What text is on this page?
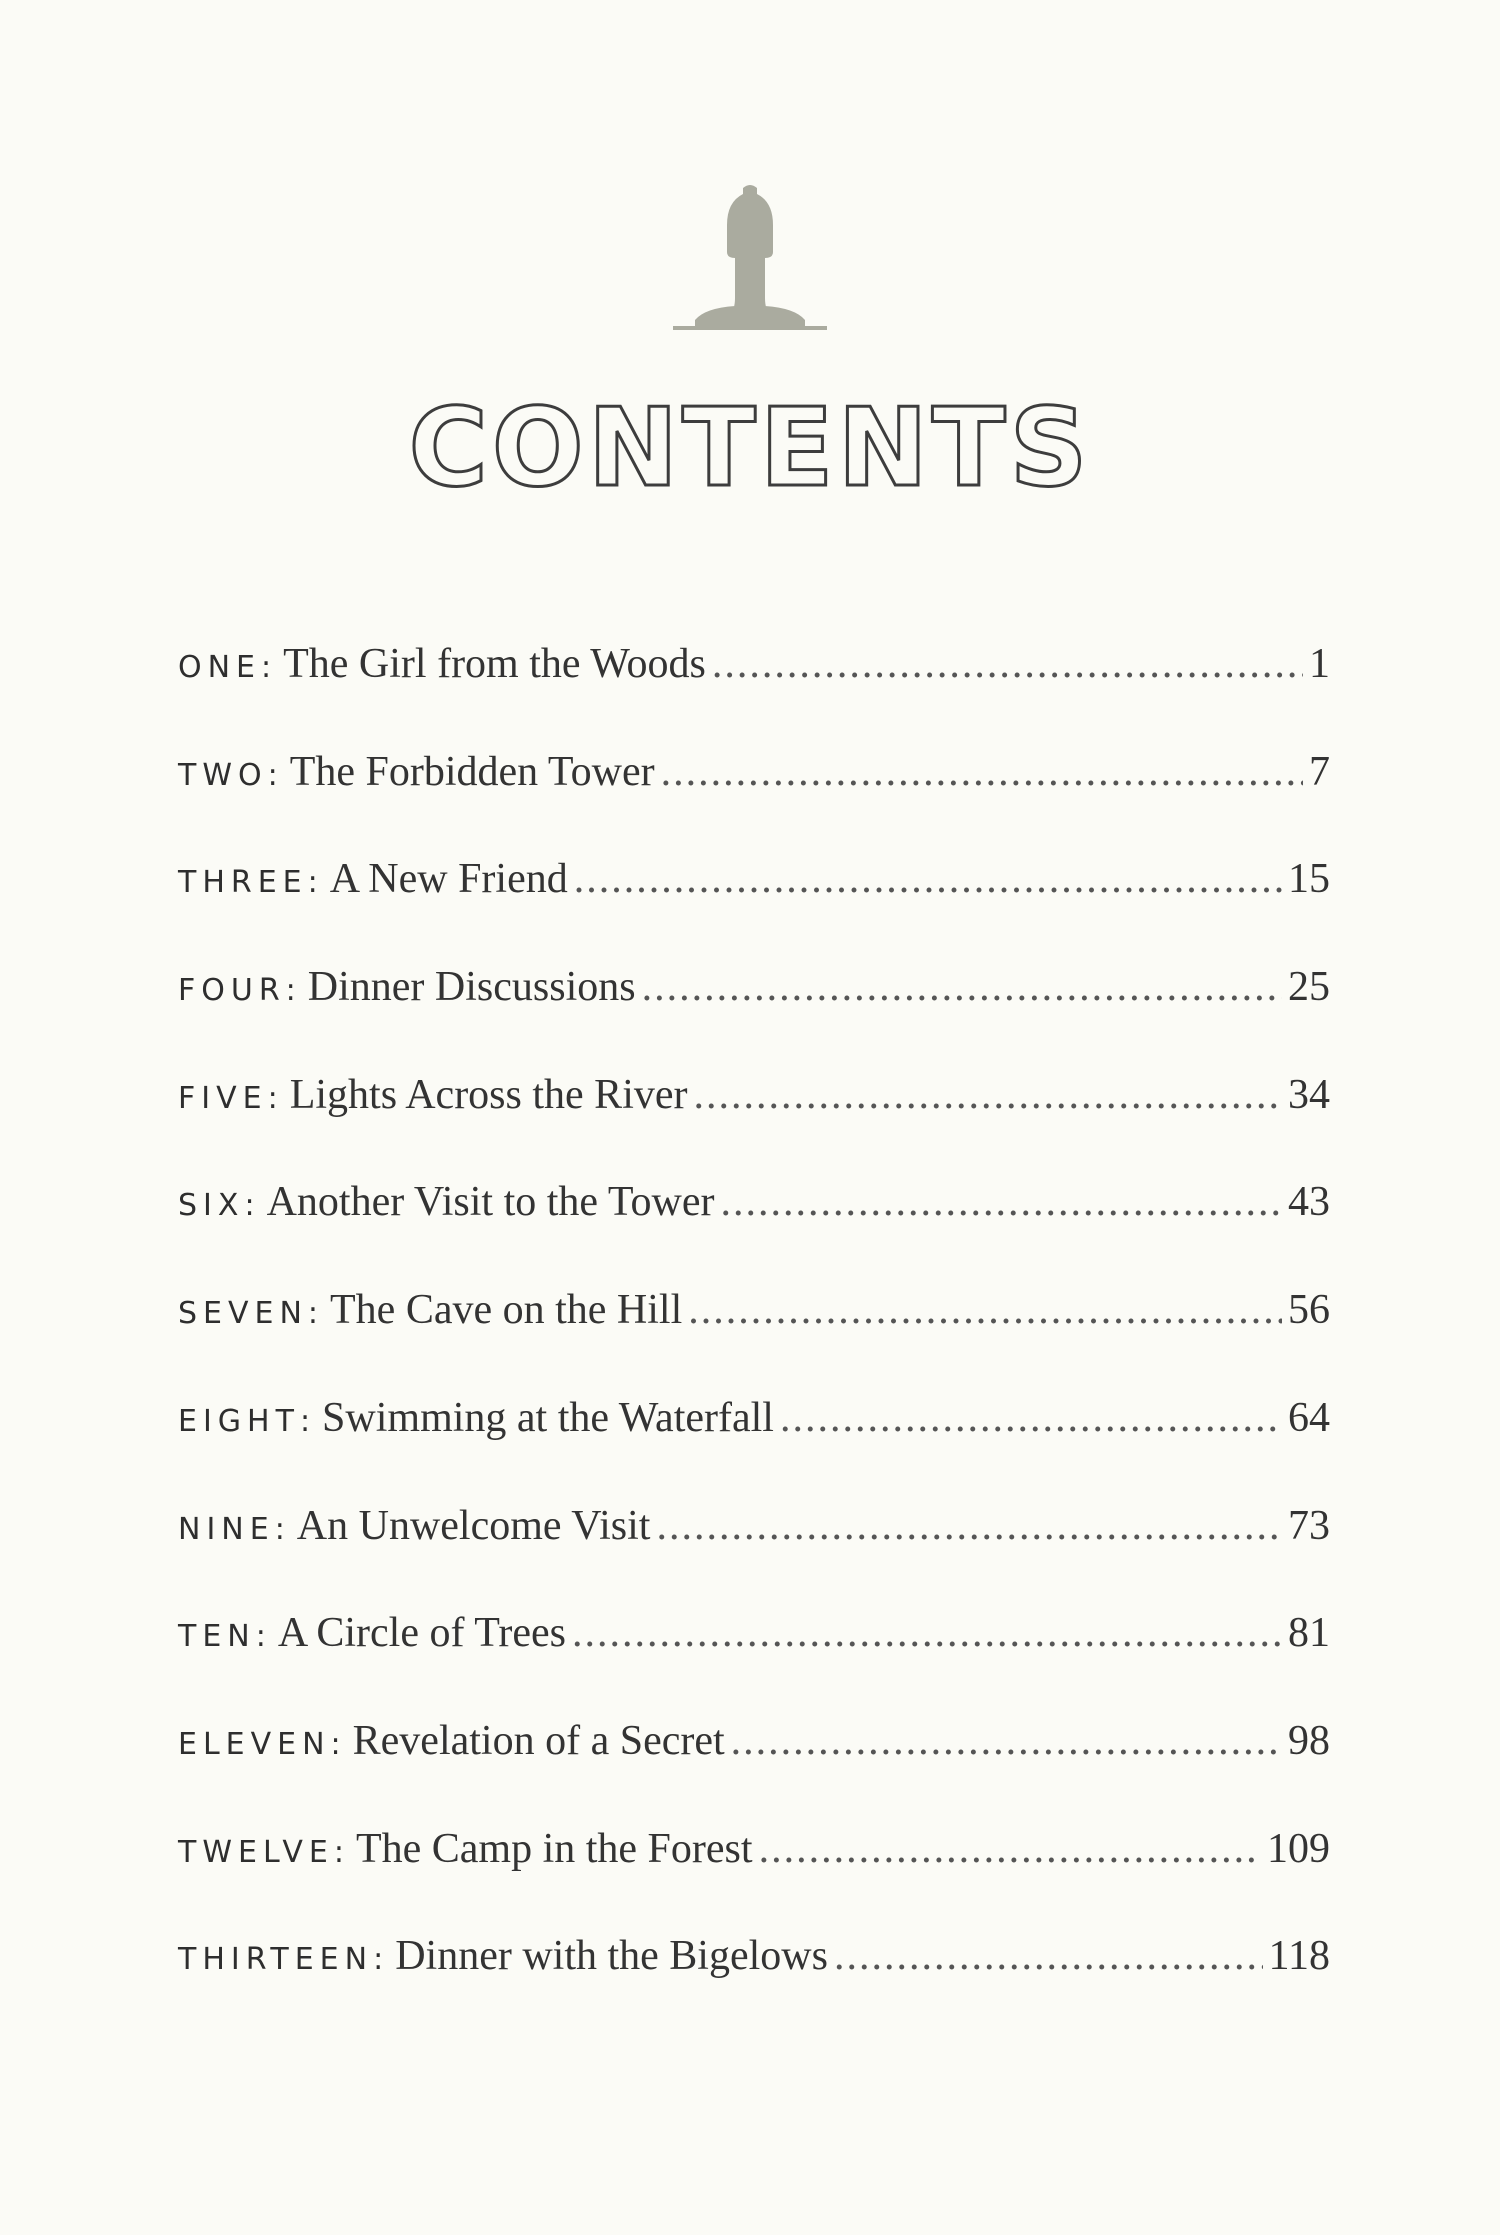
CONTENTS
ONE : The Girl from the Woods .....	1
TWO : The Forbidden Tower .....	7
THREE : A New Friend .....	15
FOUR : Dinner Discussions .....	25
FIVE : Lights Across the River .....	34
SIX : Another Visit to the Tower .....	43
SEVEN : The Cave on the Hill .....	56
EIGHT : Swimming at the Waterfall .....	64
NINE : An Unwelcome Visit .....	73
TEN : A Circle of Trees .....	81
ELEVEN : Revelation of a Secret .....	98
TWELVE : The Camp in the Forest .....	109
THIRTEEN : Dinner with the Bigelows .....	118
